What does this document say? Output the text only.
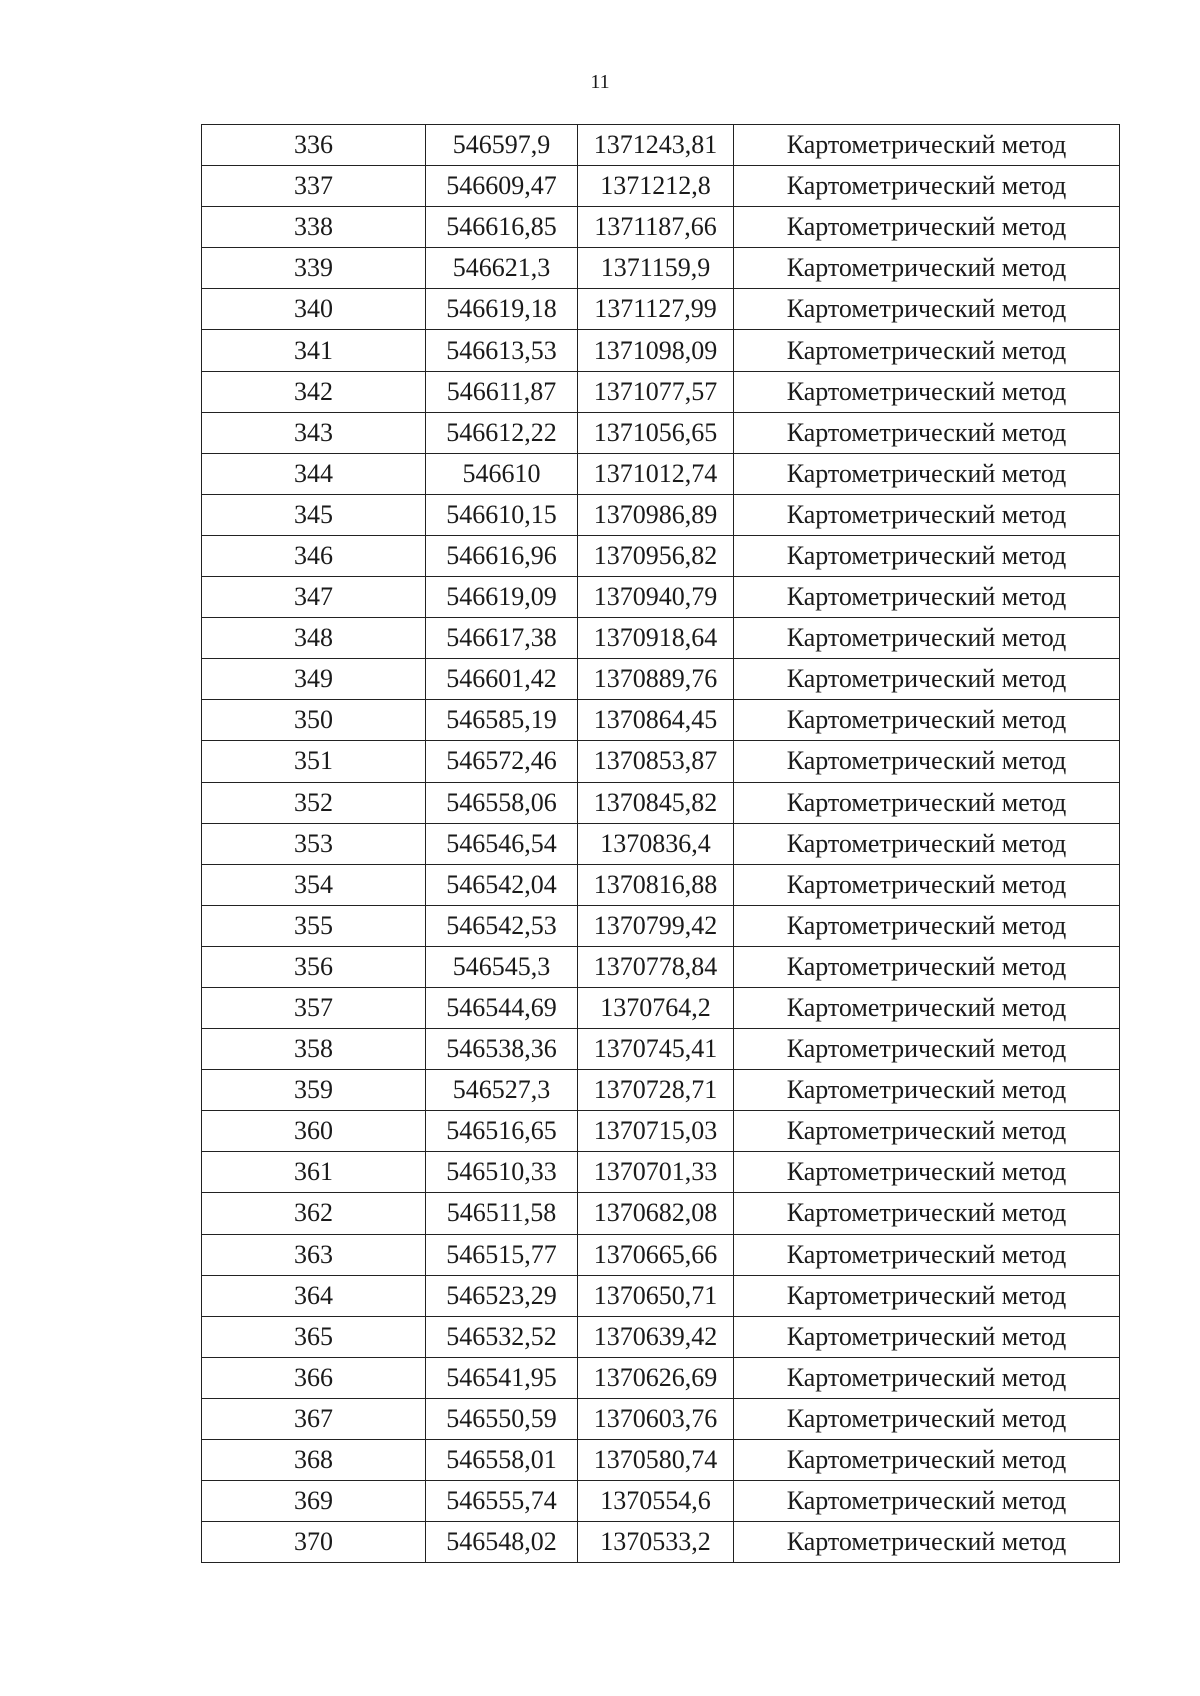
11
336	546597,9	1371243,81	Картометрический метод
337	546609,47	1371212,8	Картометрический метод
338	546616,85	1371187,66	Картометрический метод
339	546621,3	1371159,9	Картометрический метод
340	546619,18	1371127,99	Картометрический метод
341	546613,53	1371098,09	Картометрический метод
342	546611,87	1371077,57	Картометрический метод
343	546612,22	1371056,65	Картометрический метод
344	546610	1371012,74	Картометрический метод
345	546610,15	1370986,89	Картометрический метод
346	546616,96	1370956,82	Картометрический метод
347	546619,09	1370940,79	Картометрический метод
348	546617,38	1370918,64	Картометрический метод
349	546601,42	1370889,76	Картометрический метод
350	546585,19	1370864,45	Картометрический метод
351	546572,46	1370853,87	Картометрический метод
352	546558,06	1370845,82	Картометрический метод
353	546546,54	1370836,4	Картометрический метод
354	546542,04	1370816,88	Картометрический метод
355	546542,53	1370799,42	Картометрический метод
356	546545,3	1370778,84	Картометрический метод
357	546544,69	1370764,2	Картометрический метод
358	546538,36	1370745,41	Картометрический метод
359	546527,3	1370728,71	Картометрический метод
360	546516,65	1370715,03	Картометрический метод
361	546510,33	1370701,33	Картометрический метод
362	546511,58	1370682,08	Картометрический метод
363	546515,77	1370665,66	Картометрический метод
364	546523,29	1370650,71	Картометрический метод
365	546532,52	1370639,42	Картометрический метод
366	546541,95	1370626,69	Картометрический метод
367	546550,59	1370603,76	Картометрический метод
368	546558,01	1370580,74	Картометрический метод
369	546555,74	1370554,6	Картометрический метод
370	546548,02	1370533,2	Картометрический метод
